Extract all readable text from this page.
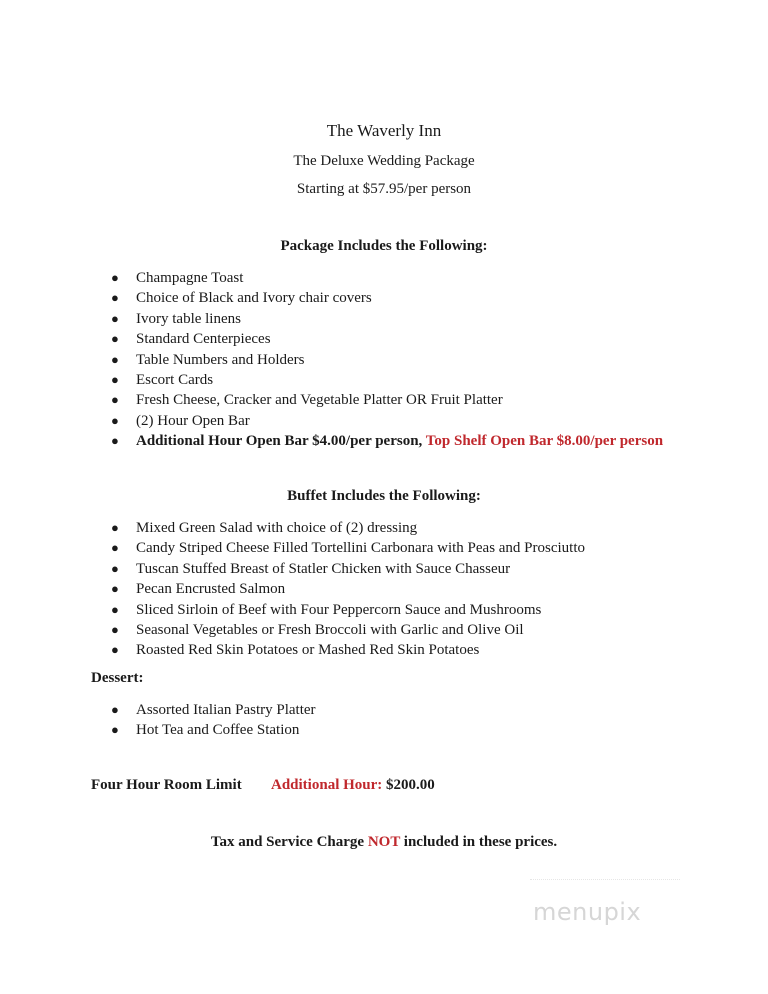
The Waverly Inn
The Deluxe Wedding Package
Starting at $57.95/per person
Package Includes the Following:
● Champagne Toast
● Choice of Black and Ivory chair covers
● Ivory table linens
● Standard Centerpieces
● Table Numbers and Holders
● Escort Cards
● Fresh Cheese, Cracker and Vegetable Platter OR Fruit Platter
● (2) Hour Open Bar
● Additional Hour Open Bar $4.00/per person, Top Shelf Open Bar $8.00/per person
Buffet Includes the Following:
● Mixed Green Salad with choice of (2) dressing
● Candy Striped Cheese Filled Tortellini Carbonara with Peas and Prosciutto
● Tuscan Stuffed Breast of Statler Chicken with Sauce Chasseur
● Pecan Encrusted Salmon
● Sliced Sirloin of Beef with Four Peppercorn Sauce and Mushrooms
● Seasonal Vegetables or Fresh Broccoli with Garlic and Olive Oil
● Roasted Red Skin Potatoes or Mashed Red Skin Potatoes
Dessert:
● Assorted Italian Pastry Platter
● Hot Tea and Coffee Station
Four Hour Room Limit Additional Hour: $200.00
Tax and Service Charge NOT included in these prices.
menupix
